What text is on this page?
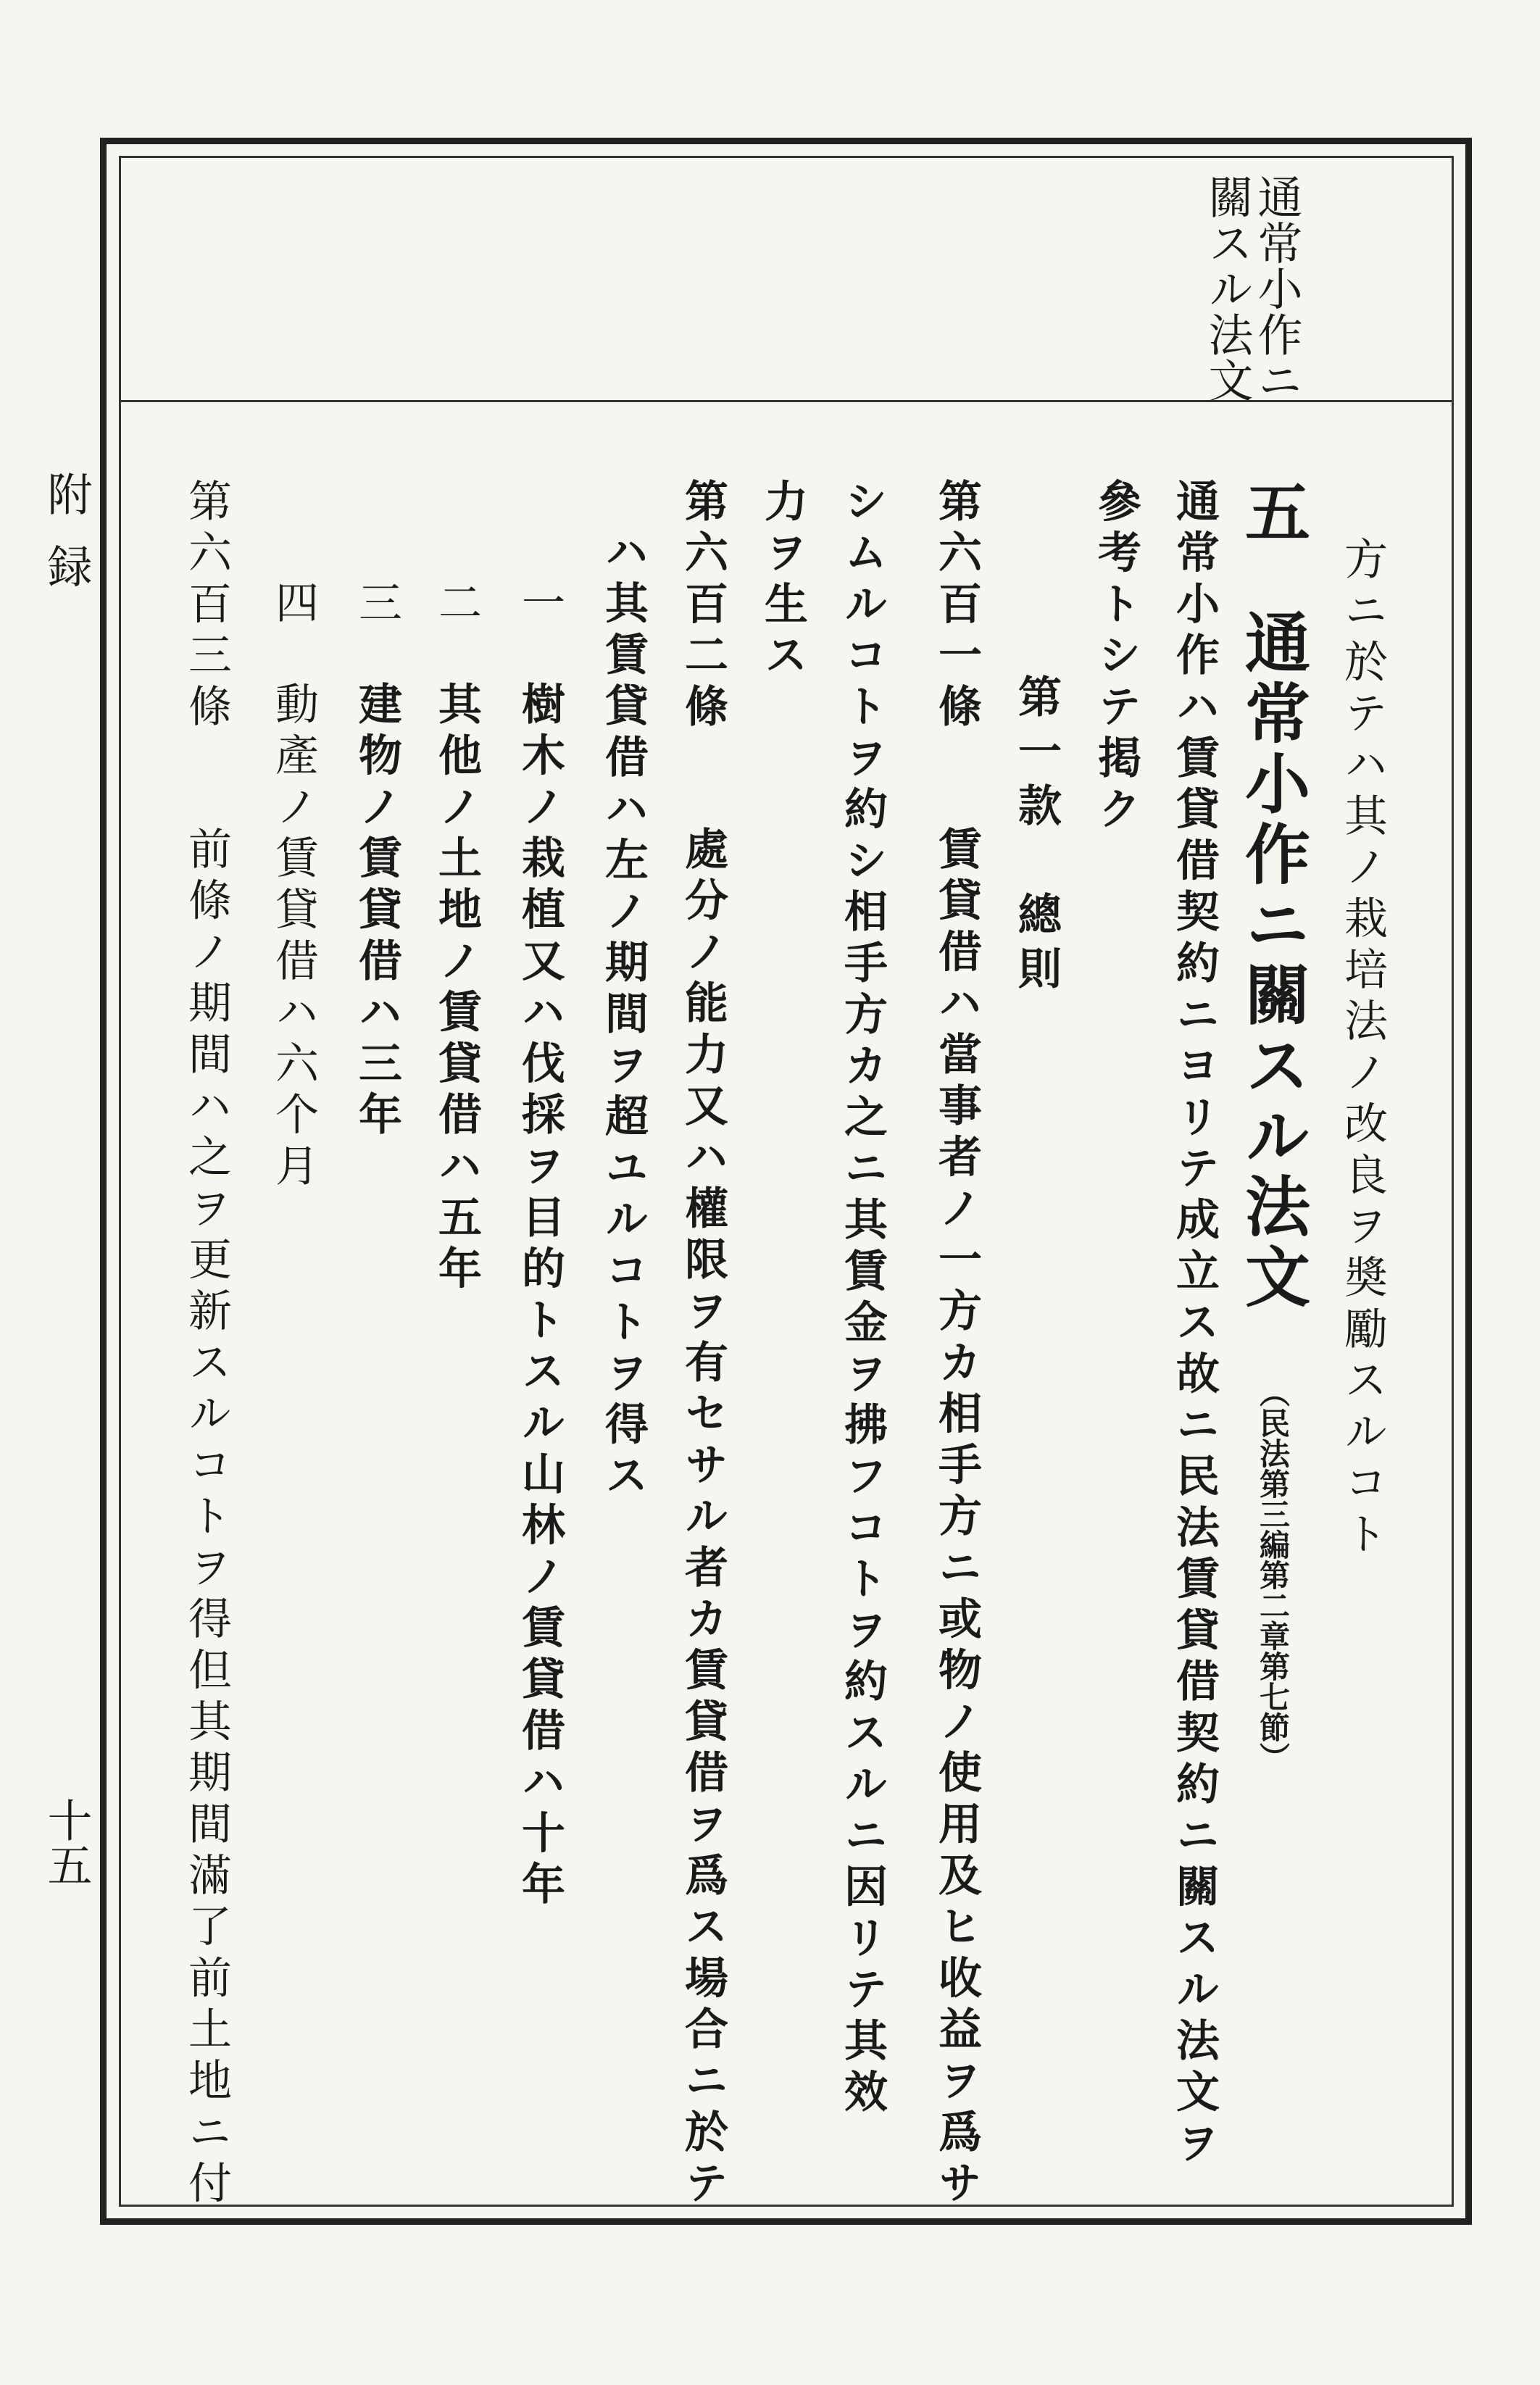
通常小作ニ
關スル法文
附録
十五
方ニ於テハ其ノ栽培法ノ改良ヲ奬勵スルコト
五
通常小作ニ關スル法文
（民法第三編第二章第七節）
通常小作ハ賃貸借契約ニヨリテ成立ス故ニ民法賃貸借契約ニ關スル法文ヲ
參考トシテ掲ク
第一款　總則
第六百一條
賃貸借ハ當事者ノ一方カ相手方ニ或物ノ使用及ヒ收益ヲ爲サ
シムルコトヲ約シ相手方カ之ニ其賃金ヲ拂フコトヲ約スルニ因リテ其效
力ヲ生ス
第六百二條
處分ノ能力又ハ權限ヲ有セサル者カ賃貸借ヲ爲ス場合ニ於テ
ハ其賃貸借ハ左ノ期間ヲ超ユルコトヲ得ス
一
樹木ノ栽植又ハ伐採ヲ目的トスル山林ノ賃貸借ハ十年
二
其他ノ土地ノ賃貸借ハ五年
三
建物ノ賃貸借ハ三年
四
動產ノ賃貸借ハ六个月
第六百三條
前條ノ期間ハ之ヲ更新スルコトヲ得但其期間滿了前土地ニ付
